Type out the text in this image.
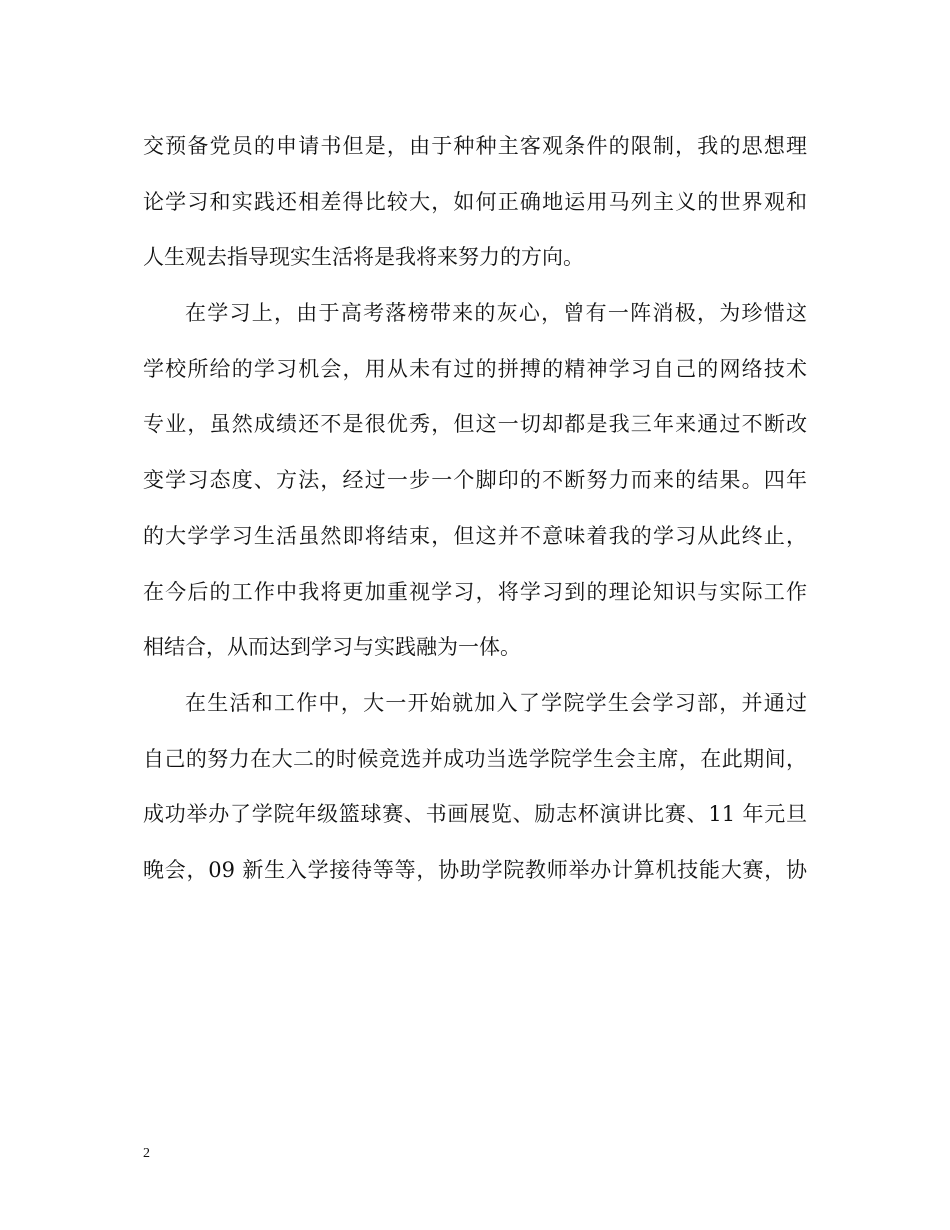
交预备党员的申请书但是，由于种种主客观条件的限制，我的思想理
论学习和实践还相差得比较大，如何正确地运用马列主义的世界观和
人生观去指导现实生活将是我将来努力的方向。
在学习上，由于高考落榜带来的灰心，曾有一阵消极，为珍惜这
学校所给的学习机会，用从未有过的拼搏的精神学习自己的网络技术
专业，虽然成绩还不是很优秀，但这一切却都是我三年来通过不断改
变学习态度、方法，经过一步一个脚印的不断努力而来的结果。四年
的大学学习生活虽然即将结束，但这并不意味着我的学习从此终止，
在今后的工作中我将更加重视学习，将学习到的理论知识与实际工作
相结合，从而达到学习与实践融为一体。
在生活和工作中，大一开始就加入了学院学生会学习部，并通过
自己的努力在大二的时候竞选并成功当选学院学生会主席，在此期间，
成功举办了学院年级篮球赛、书画展览、励志杯演讲比赛、11 年元旦
晚会，09 新生入学接待等等，协助学院教师举办计算机技能大赛，协
2
